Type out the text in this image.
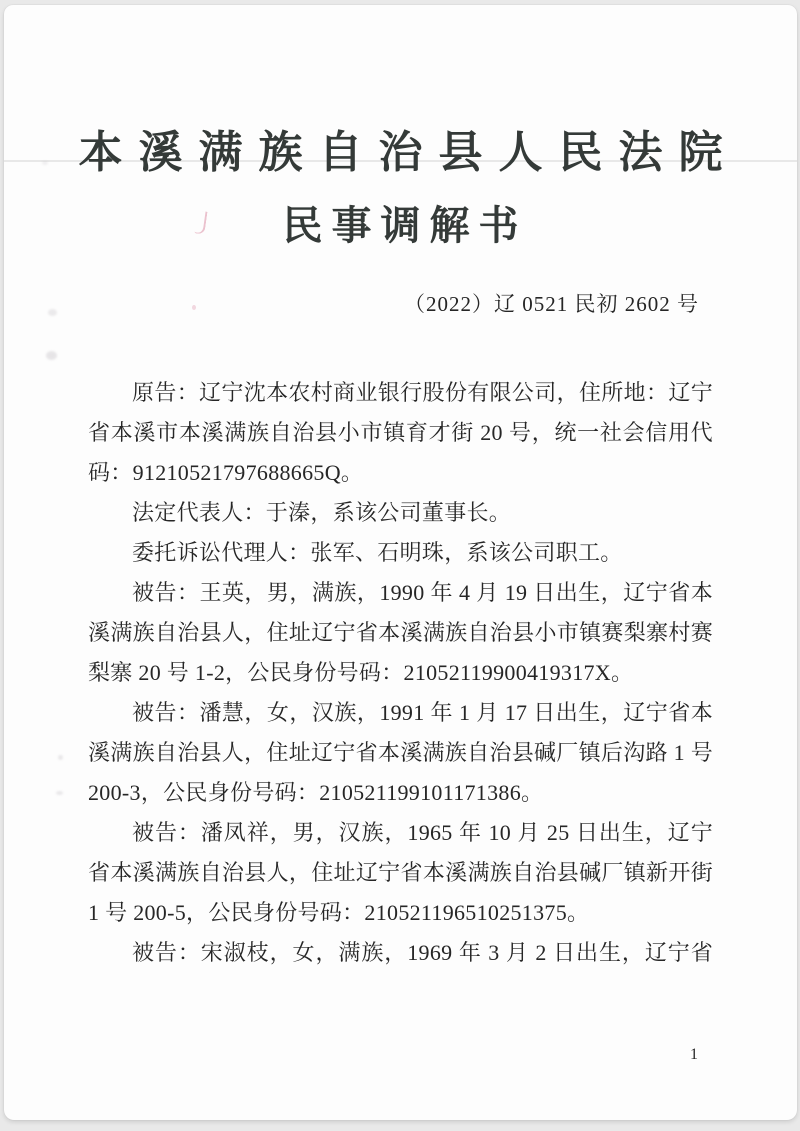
本溪满族自治县人民法院
民事调解书
（2022）辽 0521 民初 2602 号
原告：辽宁沈本农村商业银行股份有限公司，住所地：辽宁
省本溪市本溪满族自治县小市镇育才街 20 号，统一社会信用代
码：91210521797688665Q。
法定代表人：于溱，系该公司董事长。
委托诉讼代理人：张军、石明珠，系该公司职工。
被告：王英，男，满族，1990 年 4 月 19 日出生，辽宁省本
溪满族自治县人，住址辽宁省本溪满族自治县小市镇赛梨寨村赛
梨寨 20 号 1-2，公民身份号码：21052119900419317X。
被告：潘慧，女，汉族，1991 年 1 月 17 日出生，辽宁省本
溪满族自治县人，住址辽宁省本溪满族自治县碱厂镇后沟路 1 号
200-3，公民身份号码：210521199101171386。
被告：潘凤祥，男，汉族，1965 年 10 月 25 日出生，辽宁
省本溪满族自治县人，住址辽宁省本溪满族自治县碱厂镇新开街
1 号 200-5，公民身份号码：210521196510251375。
被告：宋淑枝，女，满族，1969 年 3 月 2 日出生，辽宁省
1
